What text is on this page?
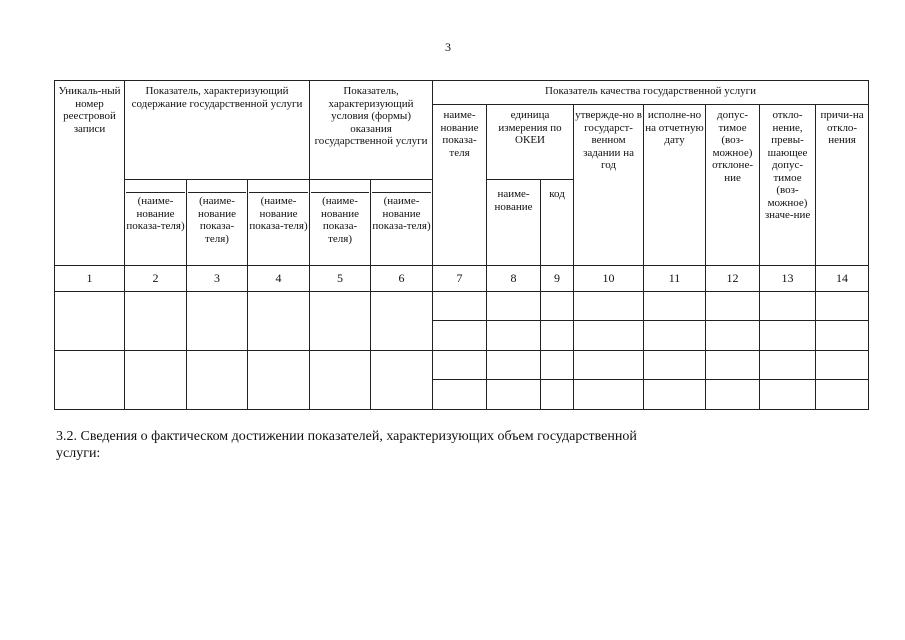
3
Уникаль-ный номер реестровой записи	Показатель, характеризующий содержание государственной услуги			Показатель, характеризующий условия (формы) оказания государственной услуги		Показатель качества государственной услуги							
						наиме-нование показа-теля	единица измерения по ОКЕИ		утвержде-но в государст-венном задании на год	исполне-но на отчетную дату	допус-тимое (воз-можное) отклоне-ние	откло-нение, превы-шающее допус-тимое (воз-можное) значе-ние	причи-на откло-нения
	(наиме-нование показа-теля)	(наиме-нование показа-теля)	(наиме-нование показа-теля)	(наиме-нование показа-теля)	(наиме-нование показа-теля)		наиме-нование	код					
1	2	3	4	5	6	7	8	9	10	11	12	13	14

3.2. Сведения о фактическом достижении показателей, характеризующих объем государственной услуги:
